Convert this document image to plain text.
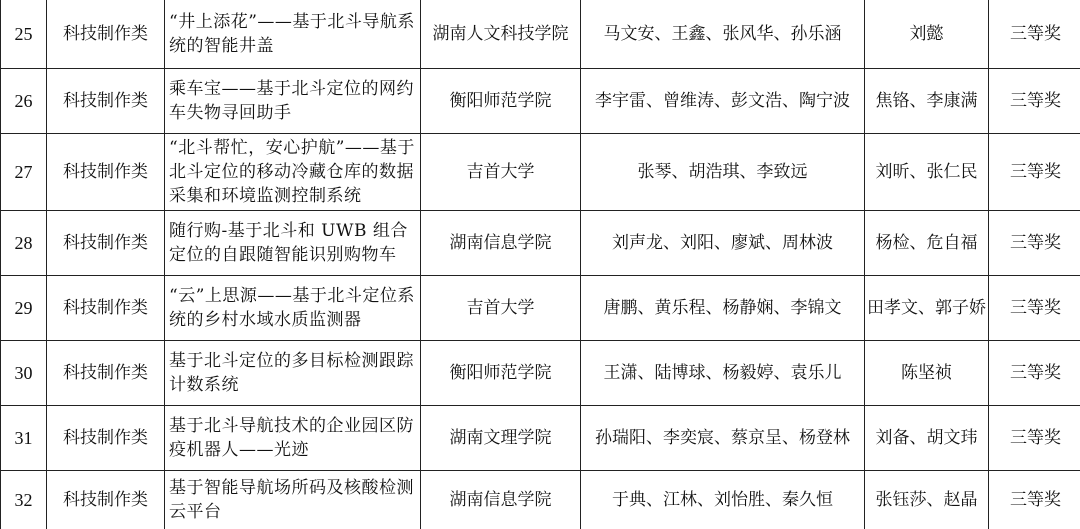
25	科技制作类	“井上添花”——基于北斗导航系统的智能井盖	湖南人文科技学院	马文安、王鑫、张风华、孙乐涵	刘懿	三等奖
26	科技制作类	乘车宝——基于北斗定位的网约车失物寻回助手	衡阳师范学院	李宇雷、曾维涛、彭文浩、陶宁波	焦铬、李康满	三等奖
27	科技制作类	“北斗帮忙，安心护航”——基于北斗定位的移动冷藏仓库的数据采集和环境监测控制系统	吉首大学	张琴、胡浩琪、李致远	刘昕、张仁民	三等奖
28	科技制作类	随行购-基于北斗和 UWB 组合定位的自跟随智能识别购物车	湖南信息学院	刘声龙、刘阳、廖斌、周林波	杨检、危自福	三等奖
29	科技制作类	“云”上思源——基于北斗定位系统的乡村水域水质监测器	吉首大学	唐鹏、黄乐程、杨静娴、李锦文	田孝文、郭子娇	三等奖
30	科技制作类	基于北斗定位的多目标检测跟踪计数系统	衡阳师范学院	王潇、陆博球、杨毅婷、袁乐儿	陈坚祯	三等奖
31	科技制作类	基于北斗导航技术的企业园区防疫机器人——光迹	湖南文理学院	孙瑞阳、李奕宸、蔡京呈、杨登林	刘备、胡文玮	三等奖
32	科技制作类	基于智能导航场所码及核酸检测云平台	湖南信息学院	于典、江林、刘怡胜、秦久恒	张钰莎、赵晶	三等奖
